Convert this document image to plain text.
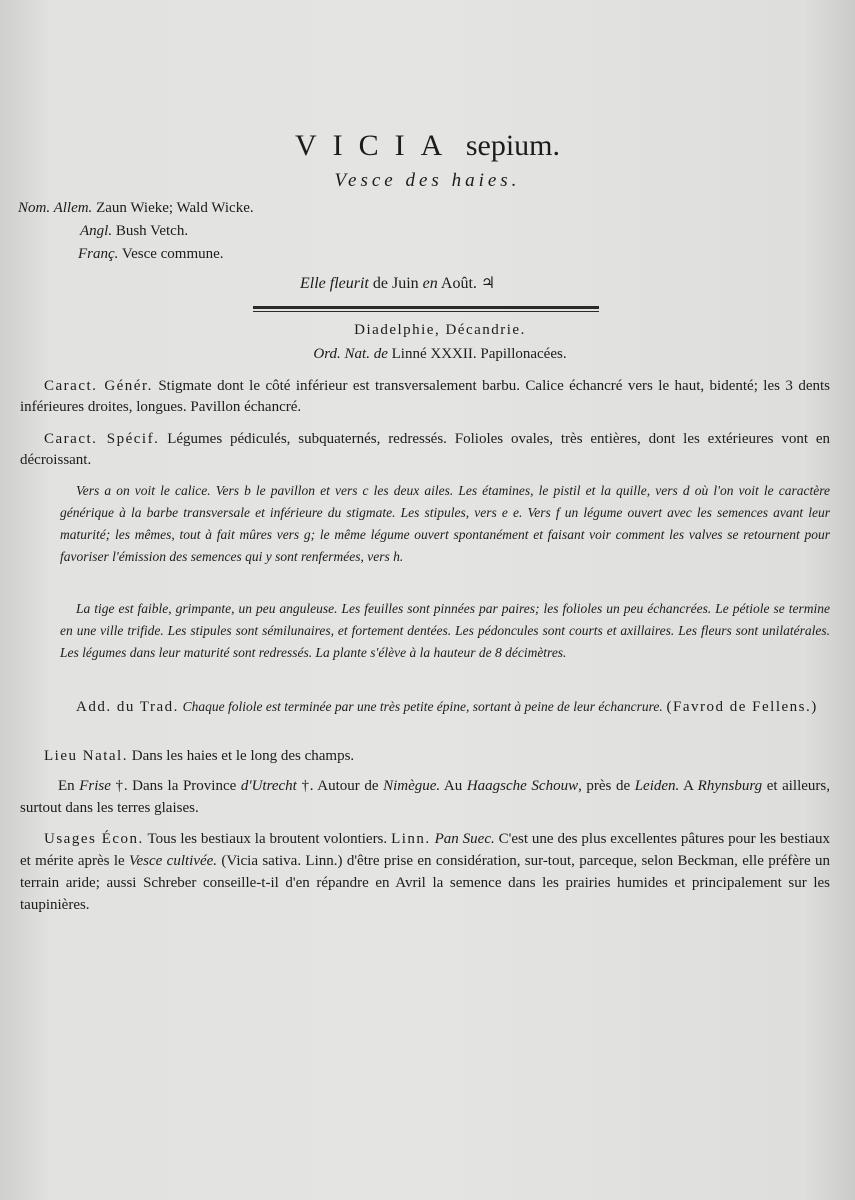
VICIA sepium.
Vesce des haies.
Nom. Allem. Zaun Wieke; Wald Wicke.
Angl. Bush Vetch.
Franç. Vesce commune.
Elle fleurit de Juin en Août. ♃
Diadelphie, Décandrie.
Ord. Nat. de Linné XXXII. Papillonacées.
Caract. Génér. Stigmate dont le côté inférieur est transversalement barbu. Calice échancré vers le haut, bidenté; les 3 dents inférieures droites, longues. Pavillon échancré.
Caract. Spécif. Légumes pédiculés, subquaternés, redressés. Folioles ovales, très entières, dont les extérieures vont en décroissant.
Vers a on voit le calice. Vers b le pavillon et vers c les deux ailes. Les étamines, le pistil et la quille, vers d où l'on voit le caractère générique à la barbe transversale et inférieure du stigmate. Les stipules, vers e e. Vers f un légume ouvert avec les semences avant leur maturité; les mêmes, tout à fait mûres vers g; le même légume ouvert spontanément et faisant voir comment les valves se retournent pour favoriser l'émission des semences qui y sont renfermées, vers h.
La tige est faible, grimpante, un peu anguleuse. Les feuilles sont pinnées par paires; les folioles un peu échancrées. Le pétiole se termine en une ville trifide. Les stipules sont sémilunaires, et fortement dentées. Les pédoncules sont courts et axillaires. Les fleurs sont unilatérales. Les légumes dans leur maturité sont redressés. La plante s'élève à la hauteur de 8 décimètres.
Add. du Trad. Chaque foliole est terminée par une très petite épine, sortant à peine de leur échancrure. (Favrod de Fellens.)
Lieu Natal. Dans les haies et le long des champs.
En Frise †. Dans la Province d'Utrecht †. Autour de Nimègue. Au Haagsche Schouw, près de Leiden. A Rhynsburg et ailleurs, surtout dans les terres glaises.
Usages Écon. Tous les bestiaux la broutent volontiers. Linn. Pan Suec. C'est une des plus excellentes pâtures pour les bestiaux et mérite après le Vesce cultivée. (Vicia sativa. Linn.) d'être prise en considération, sur-tout, parceque, selon Beckman, elle préfère un terrain aride; aussi Schreber conseille-t-il d'en répandre en Avril la semence dans les prairies humides et principalement sur les taupinières.
